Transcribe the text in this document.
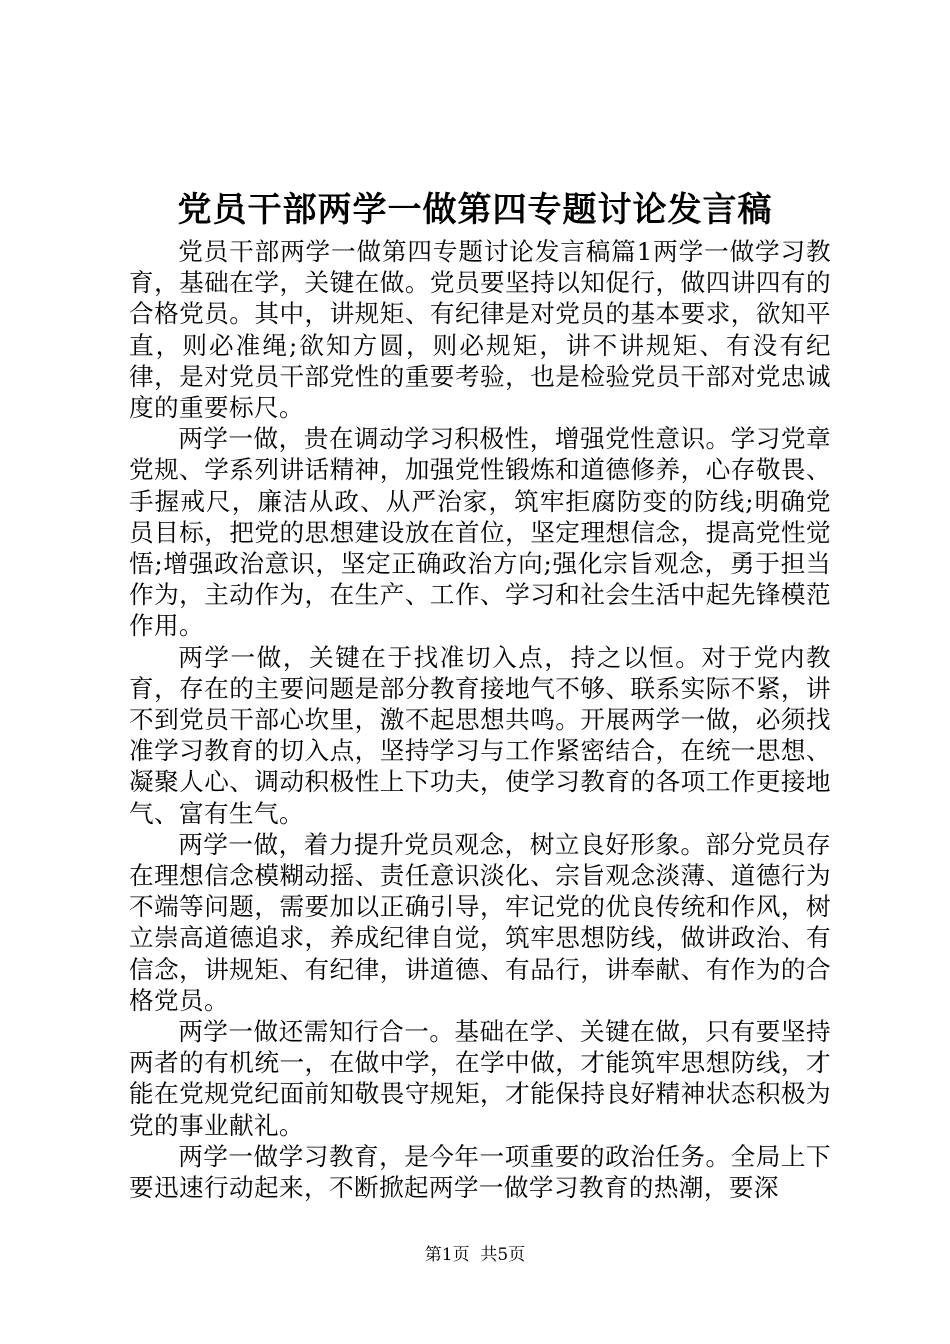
党员干部两学一做第四专题讨论发言稿

党员干部两学一做第四专题讨论发言稿篇1两学一做学习教育，基础在学，关键在做。党员要坚持以知促行，做四讲四有的合格党员。其中，讲规矩、有纪律是对党员的基本要求，欲知平直，则必准绳;欲知方圆，则必规矩，讲不讲规矩、有没有纪律，是对党员干部党性的重要考验，也是检验党员干部对党忠诚度的重要标尺。

两学一做，贵在调动学习积极性，增强党性意识。学习党章党规、学系列讲话精神，加强党性锻炼和道德修养，心存敬畏、手握戒尺，廉洁从政、从严治家，筑牢拒腐防变的防线;明确党员目标，把党的思想建设放在首位，坚定理想信念，提高党性觉悟;增强政治意识，坚定正确政治方向;强化宗旨观念，勇于担当作为，主动作为，在生产、工作、学习和社会生活中起先锋模范作用。

两学一做，关键在于找准切入点，持之以恒。对于党内教育，存在的主要问题是部分教育接地气不够、联系实际不紧，讲不到党员干部心坎里，激不起思想共鸣。开展两学一做，必须找准学习教育的切入点，坚持学习与工作紧密结合，在统一思想、凝聚人心、调动积极性上下功夫，使学习教育的各项工作更接地气、富有生气。

两学一做，着力提升党员观念，树立良好形象。部分党员存在理想信念模糊动摇、责任意识淡化、宗旨观念淡薄、道德行为不端等问题，需要加以正确引导，牢记党的优良传统和作风，树立崇高道德追求，养成纪律自觉，筑牢思想防线，做讲政治、有信念，讲规矩、有纪律，讲道德、有品行，讲奉献、有作为的合格党员。

两学一做还需知行合一。基础在学、关键在做，只有要坚持两者的有机统一，在做中学，在学中做，才能筑牢思想防线，才能在党规党纪面前知敬畏守规矩，才能保持良好精神状态积极为党的事业献礼。

两学一做学习教育，是今年一项重要的政治任务。全局上下要迅速行动起来，不断掀起两学一做学习教育的热潮，要深

第1页 共5页
